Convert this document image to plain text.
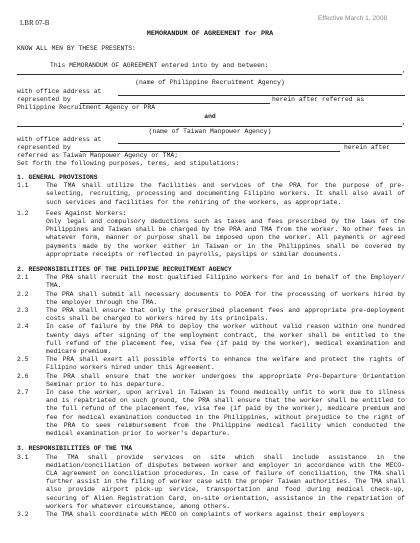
LBR 07-B
Effective March 1, 2008
MEMORANDUM OF AGREEMENT for PRA
KNOW ALL MEN BY THESE PRESENTS:
This MEMORANDUM OF AGREEMENT entered into by and between:
,
(name of Philippine Recruitment Agency)
with office address at
represented by	herein after referred as
Philippine Recruitment Agency or PRA
and
,
(name of Taiwan Manpower Agency)
with office address at
represented by	herein after
referred as Taiwan Manpower Agency or TMA;
Set forth the following purposes, terms, and stipulations:
1. GENERAL PROVISIONS
1.1	The TMA shall utilize the facilities and services of the PRA for the purpose of pre-selecting, recruiting, processing and documenting Filipino workers. It shall also avail of such services and facilities for the rehiring of the workers, as appropriate.
1.2	Fees Against Workers:
Only legal and compulsory deductions such as taxes and fees prescribed by the laws of the Philippines and Taiwan shall be charged by the PRA and TMA from the worker. No other fees in whatever form, manner or purpose shall be imposed upon the worker. All payments or agreed payments made by the worker either in Taiwan or in the Philippines shall be covered by appropriate receipts or reflected in payrolls, payslips or similar documents.
2. RESPONSIBILITIES OF THE PHILIPPINE RECRUITMENT AGENCY
2.1	The PRA shall recruit the most qualified Filipino workers for and in behalf of the Employer/ TMA.
2.2	The PRA shall submit all necessary documents to POEA for the processing of workers hired by the employer through the TMA.
2.3	The PRA shall ensure that only the prescribed placement fees and appropriate pre-deployment costs shall be charged to workers hired by its principals.
2.4	In case of failure by the PRA to deploy the worker without valid reason within one hundred twenty days after signing of the employment contract, the worker shall be entitled to the full refund of the placement fee, visa fee (if paid by the worker), medical examination and medicare premium.
2.5	The PRA shall exert all possible efforts to enhance the welfare and protect the rights of Filipino workers hired under this Agreement.
2.6	The PRA shall ensure that the worker undergoes the appropriate Pre-Departure Orientation Seminar prior to his departure.
2.7	In case the worker, upon arrival in Taiwan is found medically unfit to work due to illness and is repatriated on such ground, the PRA shall ensure that the worker shall be entitled to the full refund of the placement fee, visa fee (if paid by the worker), medicare premium and fee for medical examination conducted in the Philippines, without prejudice to the right of the PRA to seek reimbursement from the Philippine medical facility which conducted the medical examination prior to worker's departure.
3. RESPONSIBILITIES OF THE TMA
3.1	The TMA shall provide services on site which shall include assistance in the mediation/conciliation of disputes between worker and employer in accordance with the MECO-CLA agreement on conciliation procedures. In case of failure of conciliation, the TMA shall further assist in the filing of worker case with the proper Taiwan authorities. The TMA shall also provide airport pick-up service, transportation and food during medical check-up, securing of Alien Registration Card, on-site orientation, assistance in the repatriation of workers for whatever circumstance, among others.
3.2	The TMA shall coordinate with MECO on complaints of workers against their employers
